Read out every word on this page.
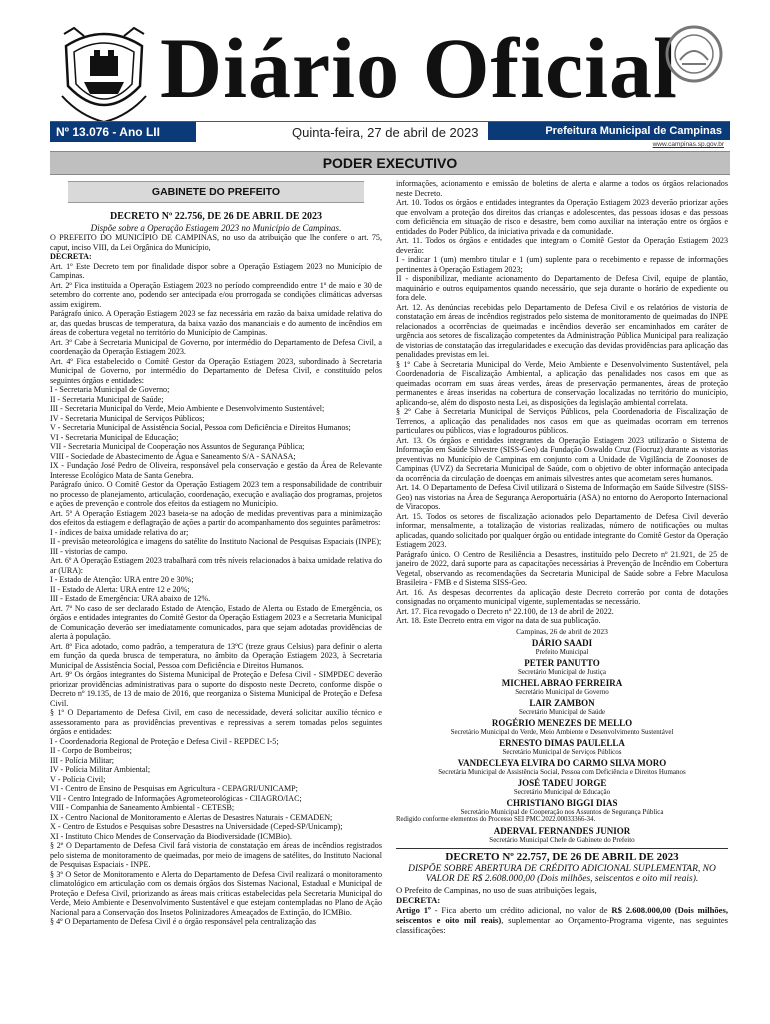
Diário Oficial
Nº 13.076 - Ano LII	Quinta-feira, 27 de abril de 2023	Prefeitura Municipal de Campinas
www.campinas.sp.gov.br
PODER EXECUTIVO
GABINETE DO PREFEITO
DECRETO Nº 22.756, DE 26 DE ABRIL DE 2023
Dispõe sobre a Operação Estiagem 2023 no Município de Campinas.

O PREFEITO DO MUNICÍPIO DE CAMPINAS, no uso da atribuição que lhe confere o art. 75, caput, inciso VIII, da Lei Orgânica do Município,

DECRETA:

Art. 1º Este Decreto tem por finalidade dispor sobre a Operação Estiagem 2023 no Município de Campinas.

Art. 2º Fica instituída a Operação Estiagem 2023 no período compreendido entre 1º de maio e 30 de setembro do corrente ano, podendo ser antecipada e/ou prorrogada se condições climáticas adversas assim exigirem.

Parágrafo único. A Operação Estiagem 2023 se faz necessária em razão da baixa umidade relativa do ar, das quedas bruscas de temperatura, da baixa vazão dos mananciais e do aumento de incêndios em áreas de cobertura vegetal no território do Município de Campinas.

Art. 3º Cabe à Secretaria Municipal de Governo, por intermédio do Departamento de Defesa Civil, a coordenação da Operação Estiagem 2023.

Art. 4º Fica estabelecido o Comitê Gestor da Operação Estiagem 2023, subordinado à Secretaria Municipal de Governo, por intermédio do Departamento de Defesa Civil, e constituído pelos seguintes órgãos e entidades:

I - Secretaria Municipal de Governo;

II - Secretaria Municipal de Saúde;

III - Secretaria Municipal do Verde, Meio Ambiente e Desenvolvimento Sustentável;

IV - Secretaria Municipal de Serviços Públicos;

V - Secretaria Municipal de Assistência Social, Pessoa com Deficiência e Direitos Humanos;

VI - Secretaria Municipal de Educação;

VII - Secretaria Municipal de Cooperação nos Assuntos de Segurança Pública;

VIII - Sociedade de Abastecimento de Água e Saneamento S/A - SANASA;

IX - Fundação José Pedro de Oliveira, responsável pela conservação e gestão da Área de Relevante Interesse Ecológico Mata de Santa Genebra.

Parágrafo único. O Comitê Gestor da Operação Estiagem 2023 tem a responsabilidade de contribuir no processo de planejamento, articulação, coordenação, execução e avaliação dos programas, projetos e ações de prevenção e controle dos efeitos da estiagem no Município.

Art. 5º A Operação Estiagem 2023 baseia-se na adoção de medidas preventivas para a minimização dos efeitos da estiagem e deflagração de ações a partir do acompanhamento dos seguintes parâmetros:

I - índices de baixa umidade relativa do ar;

II - previsão meteorológica e imagens do satélite do Instituto Nacional de Pesquisas Espaciais (INPE);

III - vistorias de campo.

Art. 6º A Operação Estiagem 2023 trabalhará com três níveis relacionados à baixa umidade relativa do ar (URA):

I - Estado de Atenção: URA entre 20 e 30%;

II - Estado de Alerta: URA entre 12 e 20%;

III - Estado de Emergência: URA abaixo de 12%.

Art. 7º No caso de ser declarado Estado de Atenção, Estado de Alerta ou Estado de Emergência, os órgãos e entidades integrantes do Comitê Gestor da Operação Estiagem 2023 e a Secretaria Municipal de Comunicação deverão ser imediatamente comunicados, para que sejam adotadas providências de alerta à população.

Art. 8º Fica adotado, como padrão, a temperatura de 13ºC (treze graus Celsius) para definir o alerta em função da queda brusca de temperatura, no âmbito da Operação Estiagem 2023, à Secretaria Municipal de Assistência Social, Pessoa com Deficiência e Direitos Humanos.

Art. 9º Os órgãos integrantes do Sistema Municipal de Proteção e Defesa Civil - SIMPDEC deverão priorizar providências administrativas para o suporte do disposto neste Decreto, conforme dispõe o Decreto nº 19.135, de 13 de maio de 2016, que reorganiza o Sistema Municipal de Proteção e Defesa Civil.

§ 1º O Departamento de Defesa Civil, em caso de necessidade, deverá solicitar auxílio técnico e assessoramento para as providências preventivas e repressivas a serem tomadas pelos seguintes órgãos e entidades:

I - Coordenadoria Regional de Proteção e Defesa Civil - REPDEC I-5;

II - Corpo de Bombeiros;

III - Polícia Militar;

IV - Polícia Militar Ambiental;

V - Polícia Civil;

VI - Centro de Ensino de Pesquisas em Agricultura - CEPAGRI/UNICAMP;

VII - Centro Integrado de Informações Agrometeorológicas - CIIAGRO/IAC;

VIII - Companhia de Saneamento Ambiental - CETESB;

IX - Centro Nacional de Monitoramento e Alertas de Desastres Naturais - CEMADEN;

X - Centro de Estudos e Pesquisas sobre Desastres na Universidade (Ceped-SP/Unicamp);

XI - Instituto Chico Mendes de Conservação da Biodiversidade (ICMBio).

§ 2º O Departamento de Defesa Civil fará vistoria de constatação em áreas de incêndios registrados pelo sistema de monitoramento de queimadas, por meio de imagens de satélites, do Instituto Nacional de Pesquisas Espaciais - INPE.

§ 3º O Setor de Monitoramento e Alerta do Departamento de Defesa Civil realizará o monitoramento climatológico em articulação com os demais órgãos dos Sistemas Nacional, Estadual e Municipal de Proteção e Defesa Civil, priorizando as áreas mais críticas estabelecidas pela Secretaria Municipal do Verde, Meio Ambiente e Desenvolvimento Sustentável e que estejam contempladas no Plano de Ação Nacional para a Conservação dos Insetos Polinizadores Ameaçados de Extinção, do ICMBio.

§ 4º O Departamento de Defesa Civil é o órgão responsável pela centralização das

informações, acionamento e emissão de boletins de alerta e alarme a todos os órgãos relacionados neste Decreto.

Art. 10. Todos os órgãos e entidades integrantes da Operação Estiagem 2023 deverão priorizar ações que envolvam a proteção dos direitos das crianças e adolescentes, das pessoas idosas e das pessoas com deficiência em situação de risco e desastre, bem como auxiliar na interação entre os órgãos e entidades do Poder Público, da iniciativa privada e da comunidade.

Art. 11. Todos os órgãos e entidades que integram o Comitê Gestor da Operação Estiagem 2023 deverão:

I - indicar 1 (um) membro titular e 1 (um) suplente para o recebimento e repasse de informações pertinentes à Operação Estiagem 2023;

II - disponibilizar, mediante acionamento do Departamento de Defesa Civil, equipe de plantão, maquinário e outros equipamentos quando necessário, que seja durante o horário de expediente ou fora dele.

Art. 12. As denúncias recebidas pelo Departamento de Defesa Civil e os relatórios de vistoria de constatação em áreas de incêndios registrados pelo sistema de monitoramento de queimadas do INPE relacionados a ocorrências de queimadas e incêndios deverão ser encaminhados em caráter de urgência aos setores de fiscalização competentes da Administração Pública Municipal para realização de vistorias de constatação das irregularidades e execução das devidas providências para aplicação das penalidades previstas em lei.

§ 1º Cabe à Secretaria Municipal do Verde, Meio Ambiente e Desenvolvimento Sustentável, pela Coordenadoria de Fiscalização Ambiental, a aplicação das penalidades nos casos em que as queimadas ocorram em suas áreas verdes, áreas de preservação permanentes, áreas de proteção permanentes e áreas inseridas na cobertura de conservação localizadas no território do município, aplicando-se, além do disposto nesta Lei, as disposições da legislação ambiental correlata.

§ 2º Cabe à Secretaria Municipal de Serviços Públicos, pela Coordenadoria de Fiscalização de Terrenos, a aplicação das penalidades nos casos em que as queimadas ocorram em terrenos particulares ou públicos, vias e logradouros públicos.

Art. 13. Os órgãos e entidades integrantes da Operação Estiagem 2023 utilizarão o Sistema de Informação em Saúde Silvestre (SISS-Geo) da Fundação Oswaldo Cruz (Fiocruz) durante as vistorias preventivas no Município de Campinas em conjunto com a Unidade de Vigilância de Zoonoses de Campinas (UVZ) da Secretaria Municipal de Saúde, com o objetivo de obter informação antecipada da ocorrência da circulação de doenças em animais silvestres antes que acometam seres humanos.

Art. 14. O Departamento de Defesa Civil utilizará o Sistema de Informação em Saúde Silvestre (SISS-Geo) nas vistorias na Área de Segurança Aeroportuária (ASA) no entorno do Aeroporto Internacional de Viracopos.

Art. 15. Todos os setores de fiscalização acionados pelo Departamento de Defesa Civil deverão informar, mensalmente, a totalização de vistorias realizadas, número de notificações ou multas aplicadas, quando solicitado por qualquer órgão ou entidade integrante do Comitê Gestor da Operação Estiagem 2023.

Parágrafo único. O Centro de Resiliência a Desastres, instituído pelo Decreto nº 21.921, de 25 de janeiro de 2022, dará suporte para as capacitações necessárias à Prevenção de Incêndio em Cobertura Vegetal, observando as recomendações da Secretaria Municipal de Saúde sobre a Febre Maculosa Brasileira - FMB e d Sistema SISS-Geo.

Art. 16. As despesas decorrentes da aplicação deste Decreto correrão por conta de dotações consignadas no orçamento municipal vigente, suplementadas se necessário.

Art. 17. Fica revogado o Decreto nº 22.100, de 13 de abril de 2022.

Art. 18. Este Decreto entra em vigor na data de sua publicação.

Campinas, 26 de abril de 2023

DÁRIO SAADI
Prefeito Municipal
PETER PANUTTO
Secretário Municipal de Justiça
MICHEL ABRAO FERREIRA
Secretário Municipal de Governo
LAIR ZAMBON
Secretário Municipal de Saúde
ROGÉRIO MENEZES DE MELLO
Secretário Municipal do Verde, Meio Ambiente e Desenvolvimento Sustentável
ERNESTO DIMAS PAULELLA
Secretário Municipal de Serviços Públicos
VANDECLEYA ELVIRA DO CARMO SILVA MORO
Secretária Municipal de Assistência Social, Pessoa com Deficiência e Direitos Humanos
JOSÉ TADEU JORGE
Secretário Municipal de Educação
CHRISTIANO BIGGI DIAS
Secretário Municipal de Cooperação nos Assuntos de Segurança Pública

Redigido conforme elementos do Processo SEI PMC.2022.00033366-34.

ADERVAL FERNANDES JUNIOR
Secretário Municipal Chefe de Gabinete do Prefeito
DECRETO Nº 22.757, DE 26 DE ABRIL DE 2023
DISPÕE SOBRE ABERTURA DE CRÉDITO ADICIONAL SUPLEMENTAR, NO VALOR DE R$ 2.608.000,00 (Dois milhões, seiscentos e oito mil reais).

O Prefeito de Campinas, no uso de suas atribuições legais,

DECRETA:

Artigo 1º - Fica aberto um crédito adicional, no valor de R$ 2.608.000,00 (Dois milhões, seiscentos e oito mil reais), suplementar ao Orçamento-Programa vigente, nas seguintes classificações:
